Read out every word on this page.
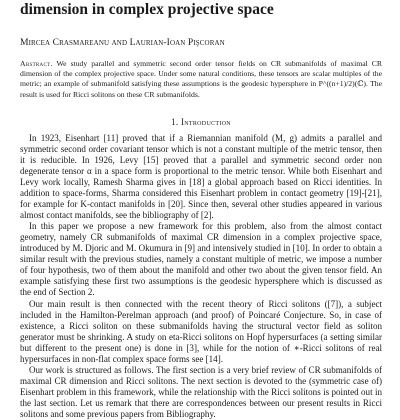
dimension in complex projective space
Mircea Crasmareanu and Laurian-Ioan Pişcoran
Abstract. We study parallel and symmetric second order tensor fields on CR submanifolds of maximal CR dimension of the complex projective space. Under some natural conditions, these tensors are scalar multiples of the metric; an example of submanifold satisfying these assumptions is the geodesic hypersphere in P^((n+1)/2)(ℂ). The result is used for Ricci solitons on these CR submanifolds.
1. Introduction

In 1923, Eisenhart [11] proved that if a Riemannian manifold (M, g) admits a parallel and symmetric second order covariant tensor which is not a constant multiple of the metric tensor, then it is reducible. In 1926, Levy [15] proved that a parallel and symmetric second order non degenerate tensor α in a space form is proportional to the metric tensor. While both Eisenhart and Levy work locally, Ramesh Sharma gives in [18] a global approach based on Ricci identities. In addition to space-forms, Sharma considered this Eisenhart problem in contact geometry [19]-[21], for example for K-contact manifolds in [20]. Since then, several other studies appeared in various almost contact manifolds, see the bibliography of [2].

In this paper we propose a new framework for this problem, also from the almost contact geometry, namely CR submanifolds of maximal CR dimension in a complex projective space, introduced by M. Djoric and M. Okumura in [9] and intensively studied in [10]. In order to obtain a similar result with the previous studies, namely a constant multiple of metric, we impose a number of four hypothesis, two of them about the manifold and other two about the given tensor field. An example satisfying these first two assumptions is the geodesic hypersphere which is discussed as the end of Section 2.

Our main result is then connected with the recent theory of Ricci solitons ([7]), a subject included in the Hamilton-Perelman approach (and proof) of Poincaré Conjecture. So, in case of existence, a Ricci soliton on these submanifolds having the structural vector field as soliton generator must be shrinking. A study on eta-Ricci solitons on Hopf hypersurfaces (a setting similar but different to the present one) is done in [3], while for the notion of ∗-Ricci solitons of real hypersurfaces in non-flat complex space forms see [14].

Our work is structured as follows. The first section is a very brief review of CR submanifolds of maximal CR dimension and Ricci solitons. The next section is devoted to the (symmetric case of) Eisenhart problem in this framework, while the relationship with the Ricci solitons is pointed out in the last section. Let us remark that there are correspondences between our present results in Ricci solitons and some previous papers from Bibliography.
